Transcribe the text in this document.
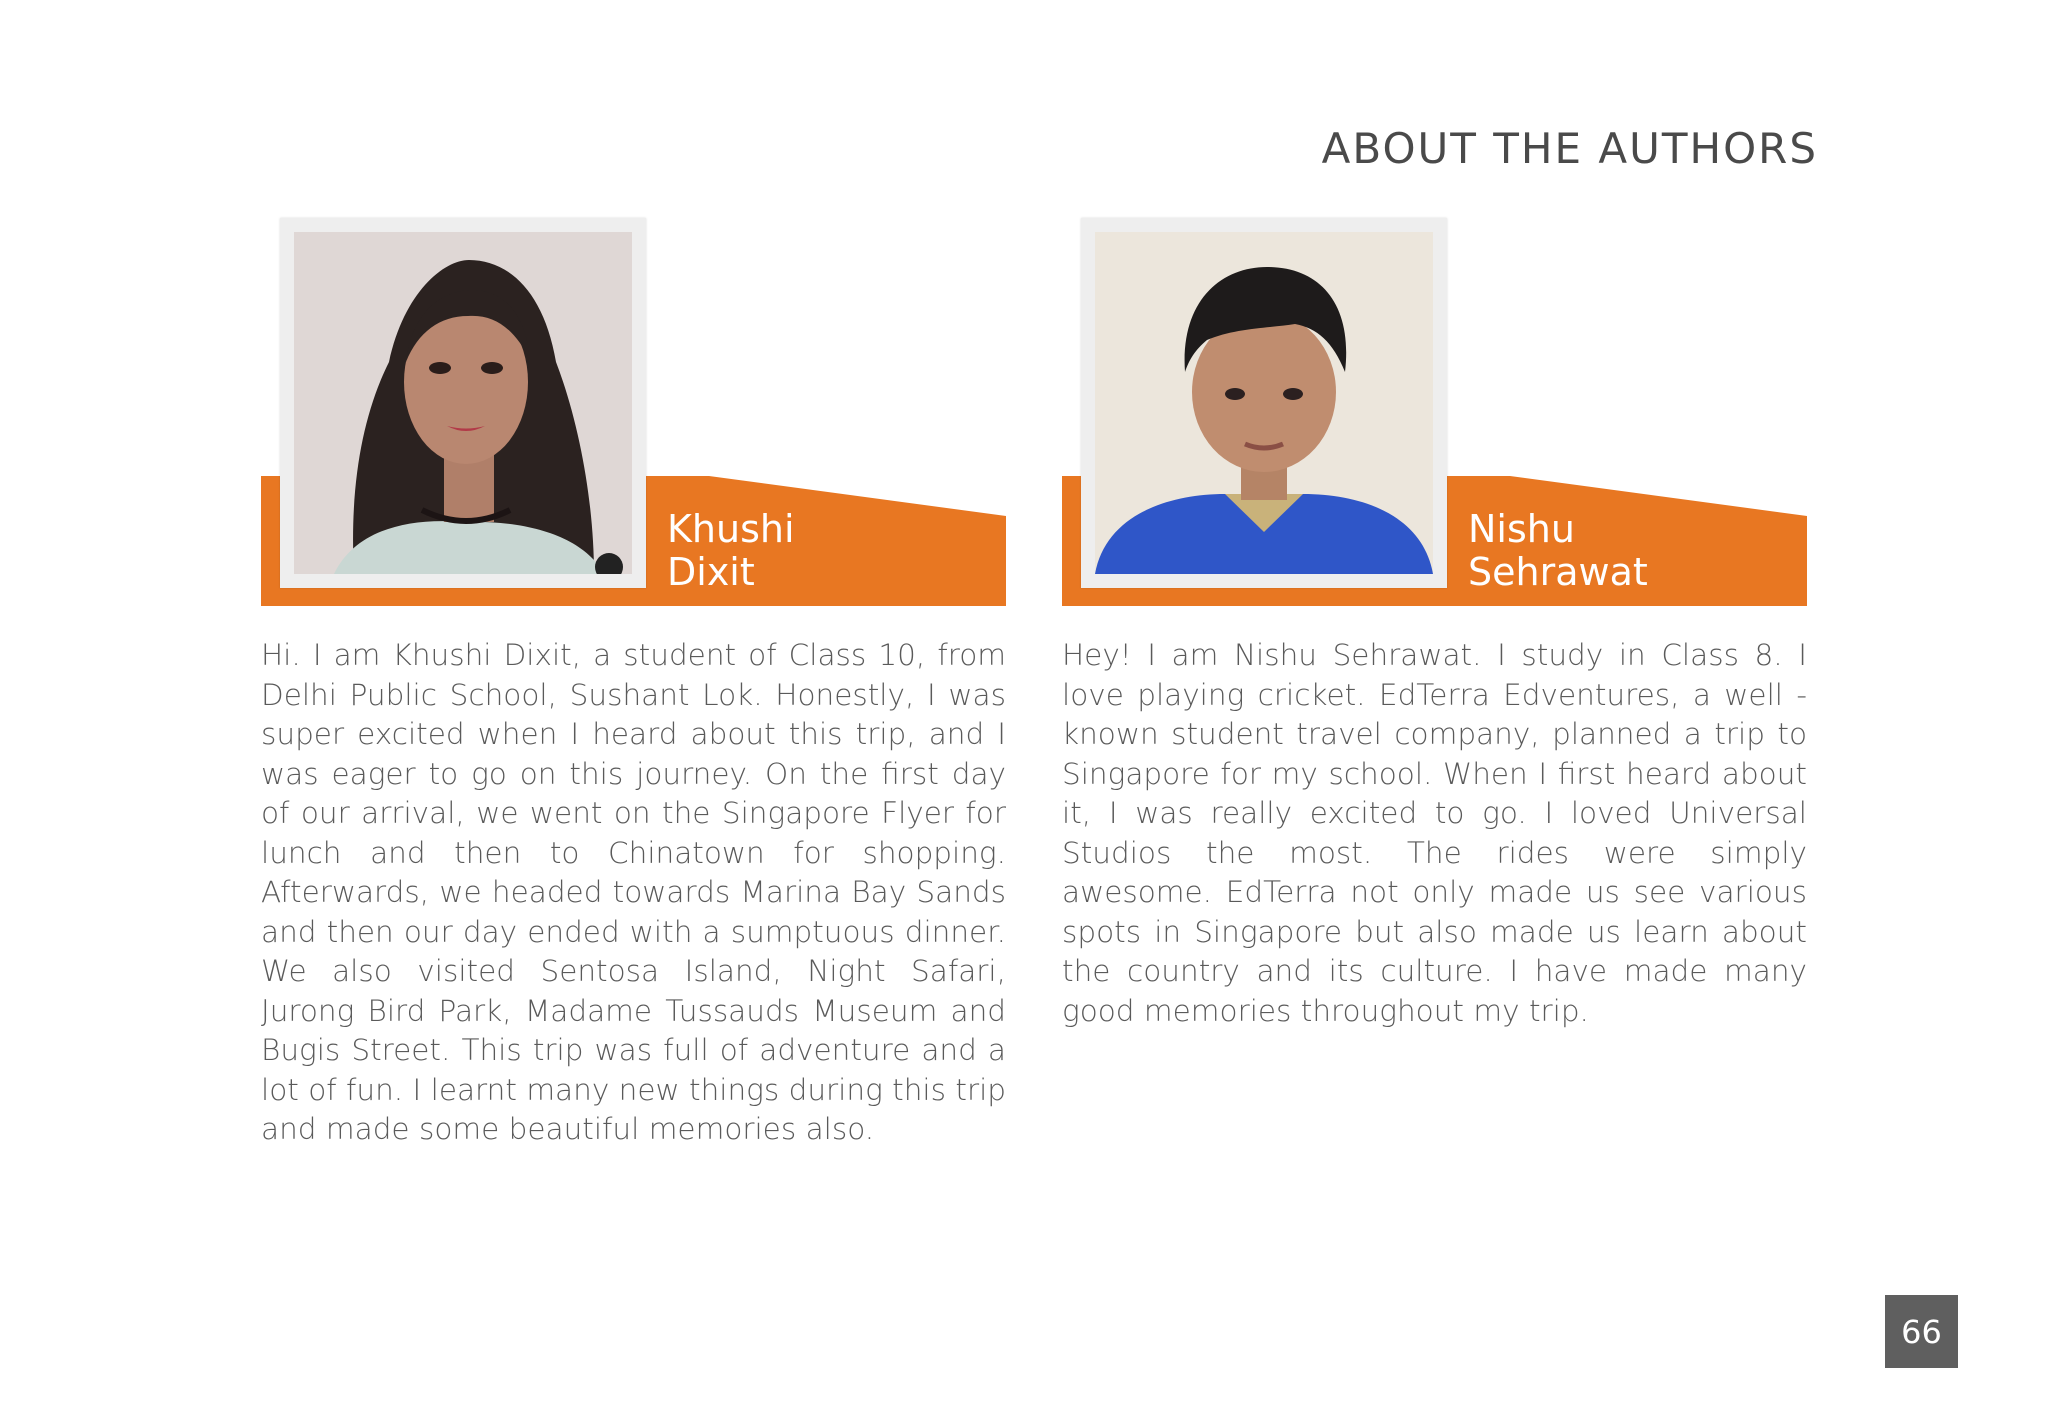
ABOUT THE AUTHORS
Khushi
Dixit

Hi. I am Khushi Dixit, a student of Class 10, from Delhi Public School, Sushant Lok. Honestly, I was super excited when I heard about this trip, and I was eager to go on this journey. On the first day of our arrival, we went on the Singapore Flyer for lunch and then to Chinatown for shopping. Afterwards, we headed towards Marina Bay Sands and then our day ended with a sumptuous dinner. We also visited Sentosa Island, Night Safari, Jurong Bird Park, Madame Tussauds Museum and Bugis Street. This trip was full of adventure and a lot of fun. I learnt many new things during this trip and made some beautiful memories also.

Nishu
Sehrawat

Hey! I am Nishu Sehrawat. I study in Class 8. I love playing cricket. EdTerra Edventures, a well - known student travel company, planned a trip to Singapore for my school. When I first heard about it, I was really excited to go. I loved Universal Studios the most. The rides were simply awesome. EdTerra not only made us see various spots in Singapore but also made us learn about the country and its culture. I have made many good memories throughout my trip.

66
